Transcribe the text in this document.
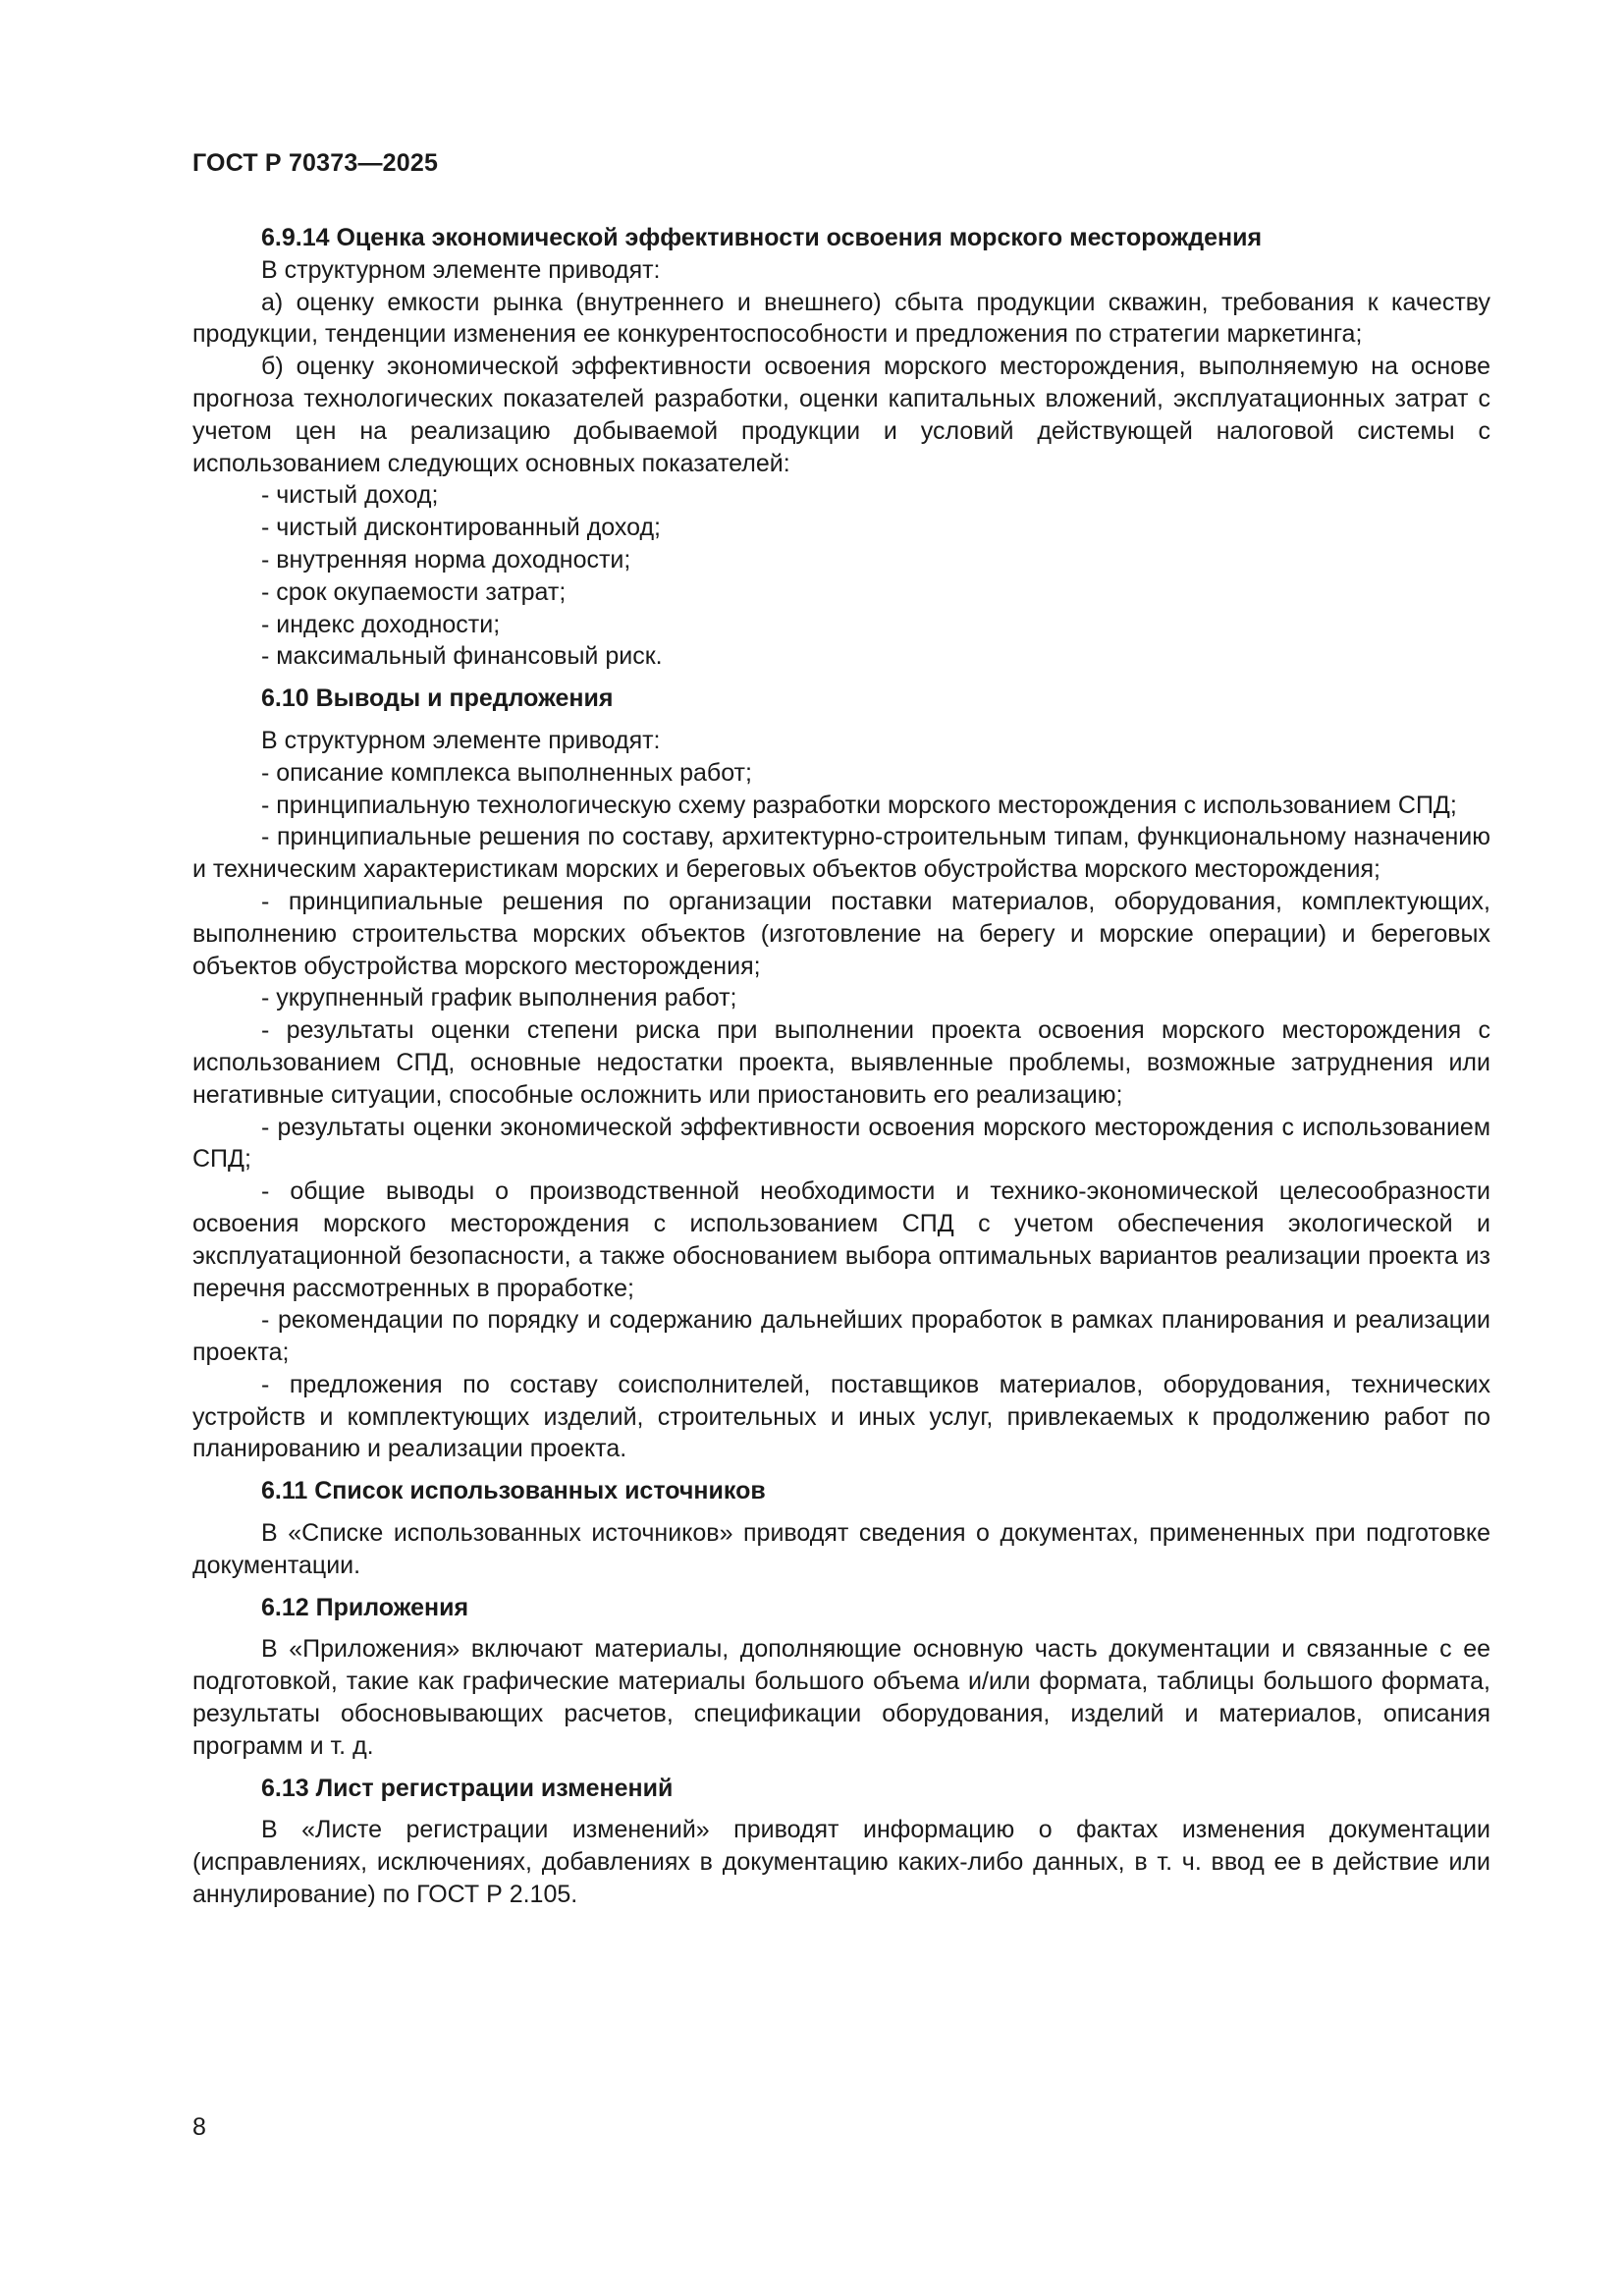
ГОСТ Р 70373—2025
6.9.14 Оценка экономической эффективности освоения морского месторождения

В структурном элементе приводят:

а) оценку емкости рынка (внутреннего и внешнего) сбыта продукции скважин, требования к качеству продукции, тенденции изменения ее конкурентоспособности и предложения по стратегии маркетинга;

б) оценку экономической эффективности освоения морского месторождения, выполняемую на основе прогноза технологических показателей разработки, оценки капитальных вложений, эксплуатационных затрат с учетом цен на реализацию добываемой продукции и условий действующей налоговой системы с использованием следующих основных показателей:

- чистый доход;

- чистый дисконтированный доход;

- внутренняя норма доходности;

- срок окупаемости затрат;

- индекс доходности;

- максимальный финансовый риск.

6.10 Выводы и предложения

В структурном элементе приводят:

- описание комплекса выполненных работ;

- принципиальную технологическую схему разработки морского месторождения с использованием СПД;

- принципиальные решения по составу, архитектурно-строительным типам, функциональному назначению и техническим характеристикам морских и береговых объектов обустройства морского месторождения;

- принципиальные решения по организации поставки материалов, оборудования, комплектующих, выполнению строительства морских объектов (изготовление на берегу и морские операции) и береговых объектов обустройства морского месторождения;

- укрупненный график выполнения работ;

- результаты оценки степени риска при выполнении проекта освоения морского месторождения с использованием СПД, основные недостатки проекта, выявленные проблемы, возможные затруднения или негативные ситуации, способные осложнить или приостановить его реализацию;

- результаты оценки экономической эффективности освоения морского месторождения с использованием СПД;

- общие выводы о производственной необходимости и технико-экономической целесообразности освоения морского месторождения с использованием СПД с учетом обеспечения экологической и эксплуатационной безопасности, а также обоснованием выбора оптимальных вариантов реализации проекта из перечня рассмотренных в проработке;

- рекомендации по порядку и содержанию дальнейших проработок в рамках планирования и реализации проекта;

- предложения по составу соисполнителей, поставщиков материалов, оборудования, технических устройств и комплектующих изделий, строительных и иных услуг, привлекаемых к продолжению работ по планированию и реализации проекта.

6.11 Список использованных источников

В «Списке использованных источников» приводят сведения о документах, примененных при подготовке документации.

6.12 Приложения

В «Приложения» включают материалы, дополняющие основную часть документации и связанные с ее подготовкой, такие как графические материалы большого объема и/или формата, таблицы большого формата, результаты обосновывающих расчетов, спецификации оборудования, изделий и материалов, описания программ и т. д.

6.13 Лист регистрации изменений

В «Листе регистрации изменений» приводят информацию о фактах изменения документации (исправлениях, исключениях, добавлениях в документацию каких-либо данных, в т. ч. ввод ее в действие или аннулирование) по ГОСТ Р 2.105.

8
